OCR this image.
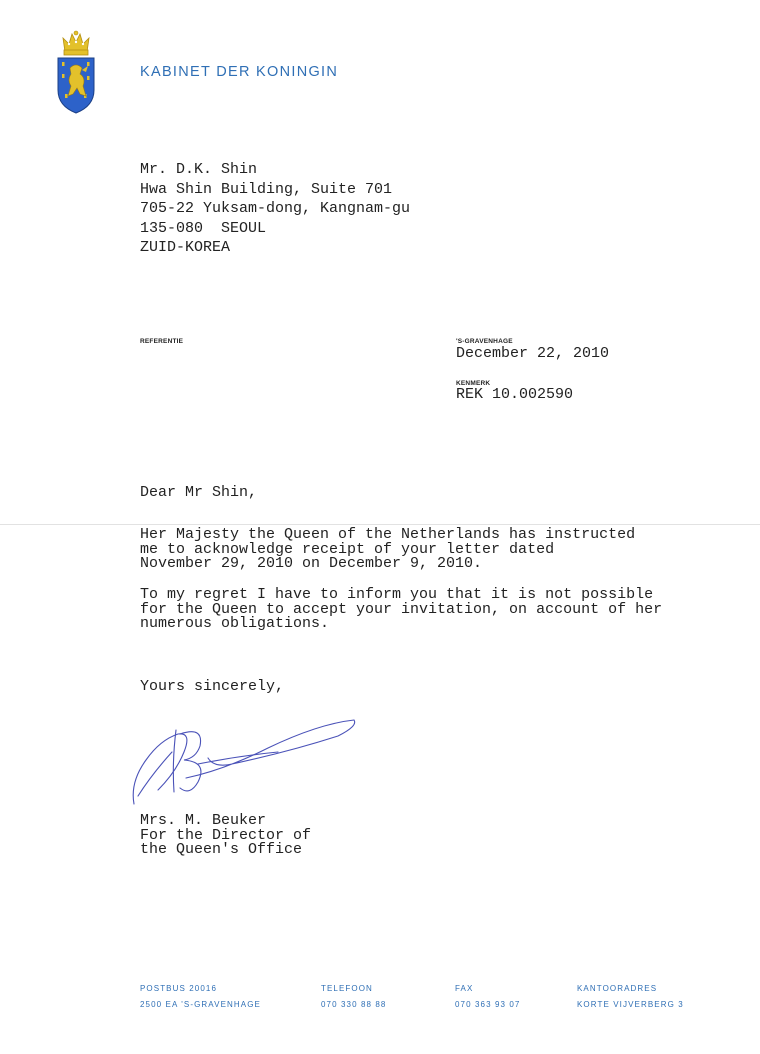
KABINET DER KONINGIN
Mr. D.K. Shin
Hwa Shin Building, Suite 701
705-22 Yuksam-dong, Kangnam-gu
135-080  SEOUL
ZUID-KOREA
REFERENTIE	'S-GRAVENHAGE
December 22, 2010
KENMERK
REK 10.002590
Dear Mr Shin,
Her Majesty the Queen of the Netherlands has instructed
me to acknowledge receipt of your letter dated
November 29, 2010 on December 9, 2010.
To my regret I have to inform you that it is not possible
for the Queen to accept your invitation, on account of her
numerous obligations.
Yours sincerely,
Mrs. M. Beuker
For the Director of
the Queen's Office
POSTBUS 20016
2500 EA 'S-GRAVENHAGE
TELEFOON
070 330 88 88
FAX
070 363 93 07
KANTOORADRES
KORTE VIJVERBERG 3
